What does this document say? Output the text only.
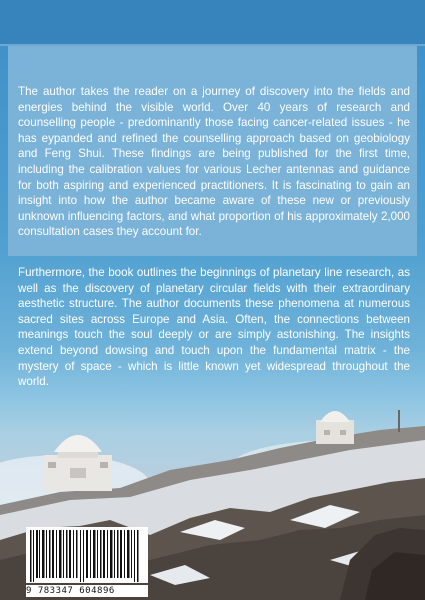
The author takes the reader on a journey of discovery into the fields and energies behind the visible world. Over 40 years of research and counselling people - predominantly those facing cancer-related issues - he has eypanded and refined the counselling approach based on geobiology and Feng Shui. These findings are being published for the first time, including the calibration values for various Lecher antennas and guidance for both aspiring and experienced practitioners. It is fascinating to gain an insight into how the author became aware of these new or previously unknown influencing factors, and what proportion of his approximately 2,000 consultation cases they account for.

Furthermore, the book outlines the beginnings of planetary line research, as well as the discovery of planetary circular fields with their extraordinary aesthetic structure. The author documents these phenomena at numerous sacred sites across Europe and Asia. Often, the connections between meanings touch the soul deeply or are simply astonishing. The insights extend beyond dowsing and touch upon the fundamental matrix - the mystery of space - which is little known yet widespread throughout the world.

9 783347 604896
